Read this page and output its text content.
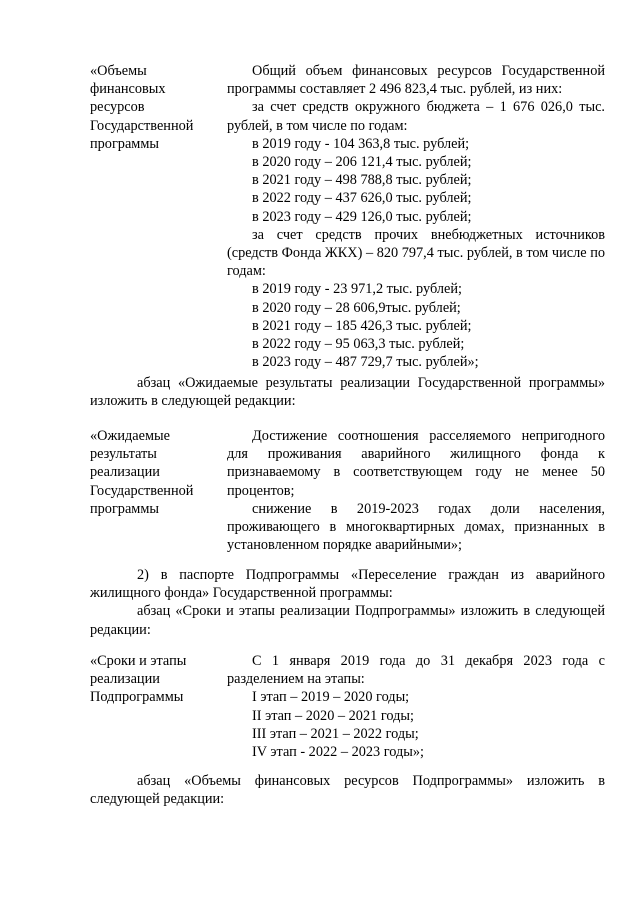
«Объемы
финансовых
ресурсов
Государственной
программы

Общий объем финансовых ресурсов Государственной программы составляет 2 496 823,4 тыс. рублей, из них:

за счет средств окружного бюджета – 1 676 026,0 тыс. рублей, в том числе по годам:

в 2019 году - 104 363,8 тыс. рублей;

в 2020 году – 206 121,4 тыс. рублей;

в 2021 году – 498 788,8 тыс. рублей;

в 2022 году – 437 626,0 тыс. рублей;

в 2023 году – 429 126,0 тыс. рублей;

за счет средств прочих внебюджетных источников (средств Фонда ЖКХ) – 820 797,4 тыс. рублей, в том числе по годам:

в 2019 году - 23 971,2 тыс. рублей;

в 2020 году – 28 606,9тыс. рублей;

в 2021 году – 185 426,3 тыс. рублей;

в 2022 году – 95 063,3 тыс. рублей;

в 2023 году – 487 729,7 тыс. рублей»;

абзац «Ожидаемые результаты реализации Государственной программы» изложить в следующей редакции:

«Ожидаемые
результаты
реализации
Государственной
программы

Достижение соотношения расселяемого непригодного для проживания аварийного жилищного фонда к признаваемому в соответствующем году не менее 50 процентов;

снижение в 2019-2023 годах доли населения, проживающего в многоквартирных домах, признанных в установленном порядке аварийными»;

2) в паспорте Подпрограммы «Переселение граждан из аварийного жилищного фонда» Государственной программы:

абзац «Сроки и этапы реализации Подпрограммы» изложить в следующей редакции:

«Сроки и этапы
реализации
Подпрограммы

С 1 января 2019 года до 31 декабря 2023 года с разделением на этапы:

I этап – 2019 – 2020 годы;

II этап – 2020 – 2021 годы;

III этап – 2021 – 2022 годы;

IV этап - 2022 – 2023 годы»;

абзац «Объемы финансовых ресурсов Подпрограммы» изложить в следующей редакции:
